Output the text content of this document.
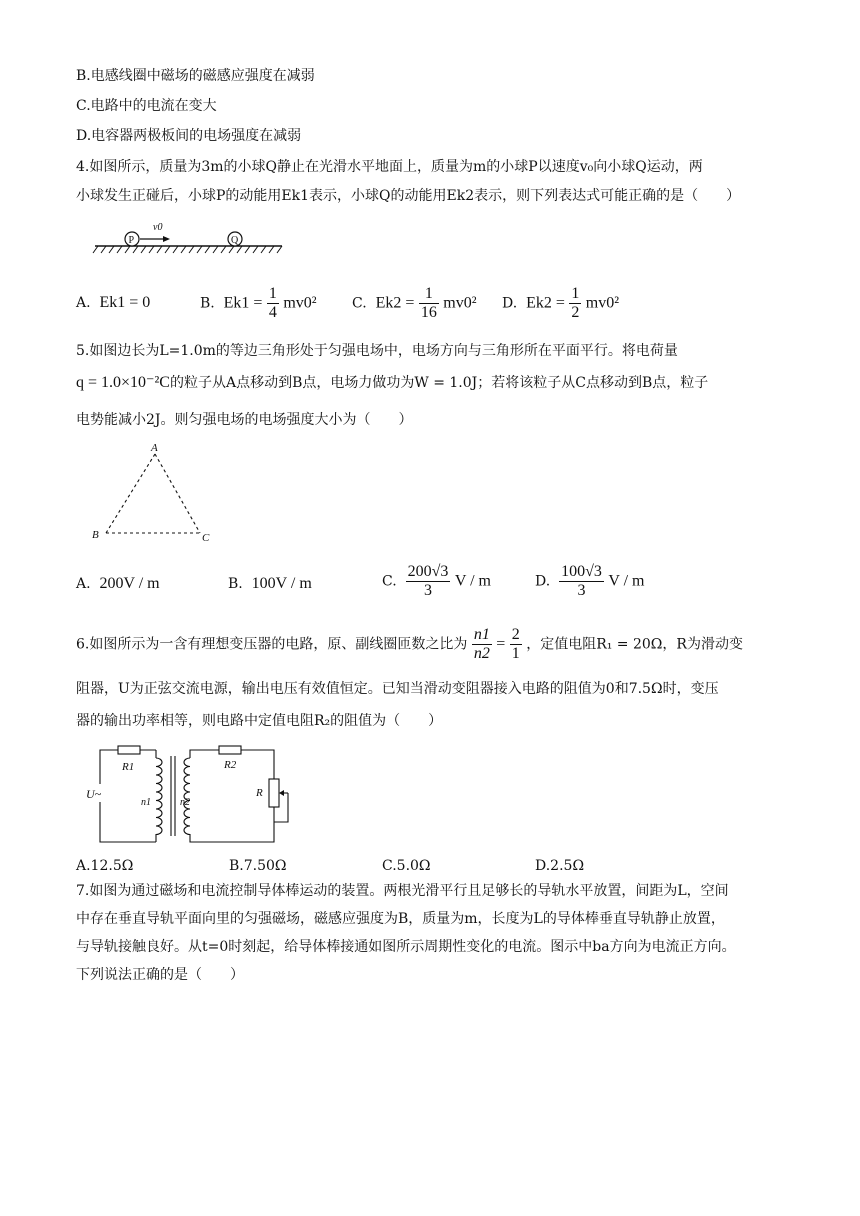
B.电感线圈中磁场的磁感应强度在减弱
C.电路中的电流在变大
D.电容器两极板间的电场强度在减弱
4.如图所示，质量为3m的小球Q静止在光滑水平地面上，质量为m的小球P以速度v₀向小球Q运动，两
小球发生正碰后，小球P的动能用Ek1表示，小球Q的动能用Ek2表示，则下列表达式可能正确的是（　　）
P
v0
Q
A. Ek1 = 0	B. $Ek1 = \frac{1}{4} mv0^2$	C. $Ek2 = \frac{1}{16} mv0^2$ D. $Ek2 = \frac{1}{2} mv0^2$
5.如图边长为L=1.0m的等边三角形处于匀强电场中，电场方向与三角形所在平面平行。将电荷量
q = 1.0×10⁻²C的粒子从A点移动到B点，电场力做功为W = 1.0J；若将该粒子从C点移动到B点，粒子
电势能减小2J。则匀强电场的电场强度大小为（　　）
A
B	C
A. 200V / m	B. 100V / m	C. $\frac{200√3}{3}$ V / m	D. $\frac{100√3}{3}$ V / m
6.如图所示为一含有理想变压器的电路，原、副线圈匝数之比为 $\frac{n1}{n2} = \frac{2}{1}$ ，定值电阻R₁ = 20Ω，R为滑动变
阻器，U为正弦交流电源，输出电压有效值恒定。已知当滑动变阻器接入电路的阻值为0和7.5Ω时，变压
器的输出功率相等，则电路中定值电阻R₂的阻值为（　　）
R1
U~
n1	n2
R2
R
A.12.5Ω	B.7.50Ω	C.5.0Ω	D.2.5Ω
7.如图为通过磁场和电流控制导体棒运动的装置。两根光滑平行且足够长的导轨水平放置，间距为L，空间
中存在垂直导轨平面向里的匀强磁场，磁感应强度为B，质量为m，长度为L的导体棒垂直导轨静止放置，
与导轨接触良好。从t=0时刻起，给导体棒接通如图所示周期性变化的电流。图示中ba方向为电流正方向。
下列说法正确的是（　　）
